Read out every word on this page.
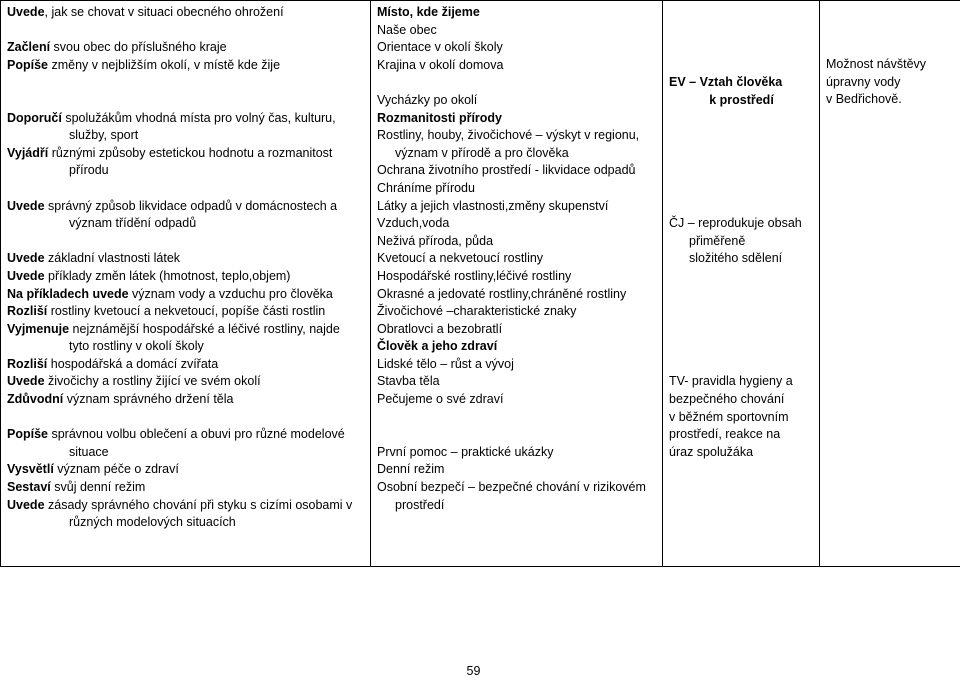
Uvede, jak se chovat v situaci obecného ohrožení
Začlení svou obec do příslušného kraje
Popíše změny v nejbližším okolí, v místě kde žije
Doporučí spolužákům vhodná místa pro volný čas, kulturu,
služby, sport
Vyjádří různými způsoby estetickou hodnotu a rozmanitost
přírodu
Uvede správný způsob likvidace odpadů v domácnostech a
význam třídění odpadů
Uvede základní vlastnosti látek
Uvede příklady změn látek (hmotnost, teplo,objem)
Na příkladech uvede význam vody a vzduchu pro člověka
Rozliší rostliny kvetoucí a nekvetoucí, popíše části rostlin
Vyjmenuje nejznámější hospodářské a léčivé rostliny, najde
tyto rostliny v okolí školy
Rozliší hospodářská a domácí zvířata
Uvede živočichy a rostliny žijící ve svém okolí
Zdůvodní význam správného držení těla
Popíše správnou volbu oblečení a obuvi pro různé modelové
situace
Vysvětlí význam péče o zdraví
Sestaví svůj denní režim
Uvede zásady správného chování při styku s cizími osobami v
různých modelových situacích

Místo, kde žijeme
Naše obec
Orientace v okolí školy
Krajina v okolí domova
Vycházky po okolí
Rozmanitosti přírody
Rostliny, houby, živočichové – výskyt v regionu,
význam v přírodě a pro člověka
Ochrana životního prostředí - likvidace odpadů
Chráníme přírodu
Látky a jejich vlastnosti,změny skupenství
Vzduch,voda
Neživá příroda, půda
Kvetoucí a nekvetoucí rostliny
Hospodářské rostliny,léčivé rostliny
Okrasné a jedovaté rostliny,chráněné rostliny
Živočichové –charakteristické znaky
Obratlovci a bezobratlí
Člověk a jeho zdraví
Lidské tělo – růst a vývoj
Stavba těla
Pečujeme o své zdraví
První pomoc – praktické ukázky
Denní režim
Osobní bezpečí – bezpečné chování v rizikovém
prostředí

EV – Vztah člověka
k prostředí
ČJ – reprodukuje obsah
přiměřeně
složitého sdělení
TV- pravidla hygieny a
bezpečného chování
v běžném sportovním
prostředí, reakce na
úraz spolužáka

Možnost návštěvy
úpravny vody
v Bedřichově.
59
